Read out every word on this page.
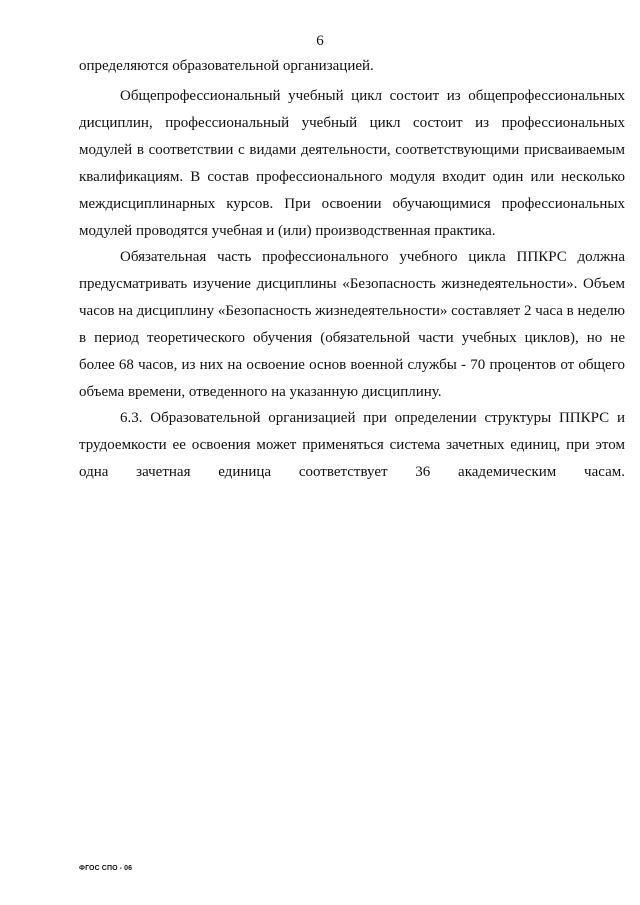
6
определяются образовательной организацией.
Общепрофессиональный учебный цикл состоит из общепрофессиональных
дисциплин, профессиональный учебный цикл состоит из профессиональных
модулей в соответствии с видами деятельности, соответствующими присваиваемым
квалификациям. В состав профессионального модуля входит один или несколько
междисциплинарных курсов. При освоении обучающимися профессиональных
модулей проводятся учебная и (или) производственная практика.
Обязательная часть профессионального учебного цикла ППКРС должна
предусматривать изучение дисциплины «Безопасность жизнедеятельности». Объем
часов на дисциплину «Безопасность жизнедеятельности» составляет 2 часа в неделю
в период теоретического обучения (обязательной части учебных циклов), но не
более 68 часов, из них на освоение основ военной службы - 70 процентов от общего
объема времени, отведенного на указанную дисциплину.
6.3. Образовательной организацией при определении структуры ППКРС и
трудоемкости ее освоения может применяться система зачетных единиц, при этом
одна зачетная единица соответствует 36 академическим часам.
ФГОС СПО - 06
